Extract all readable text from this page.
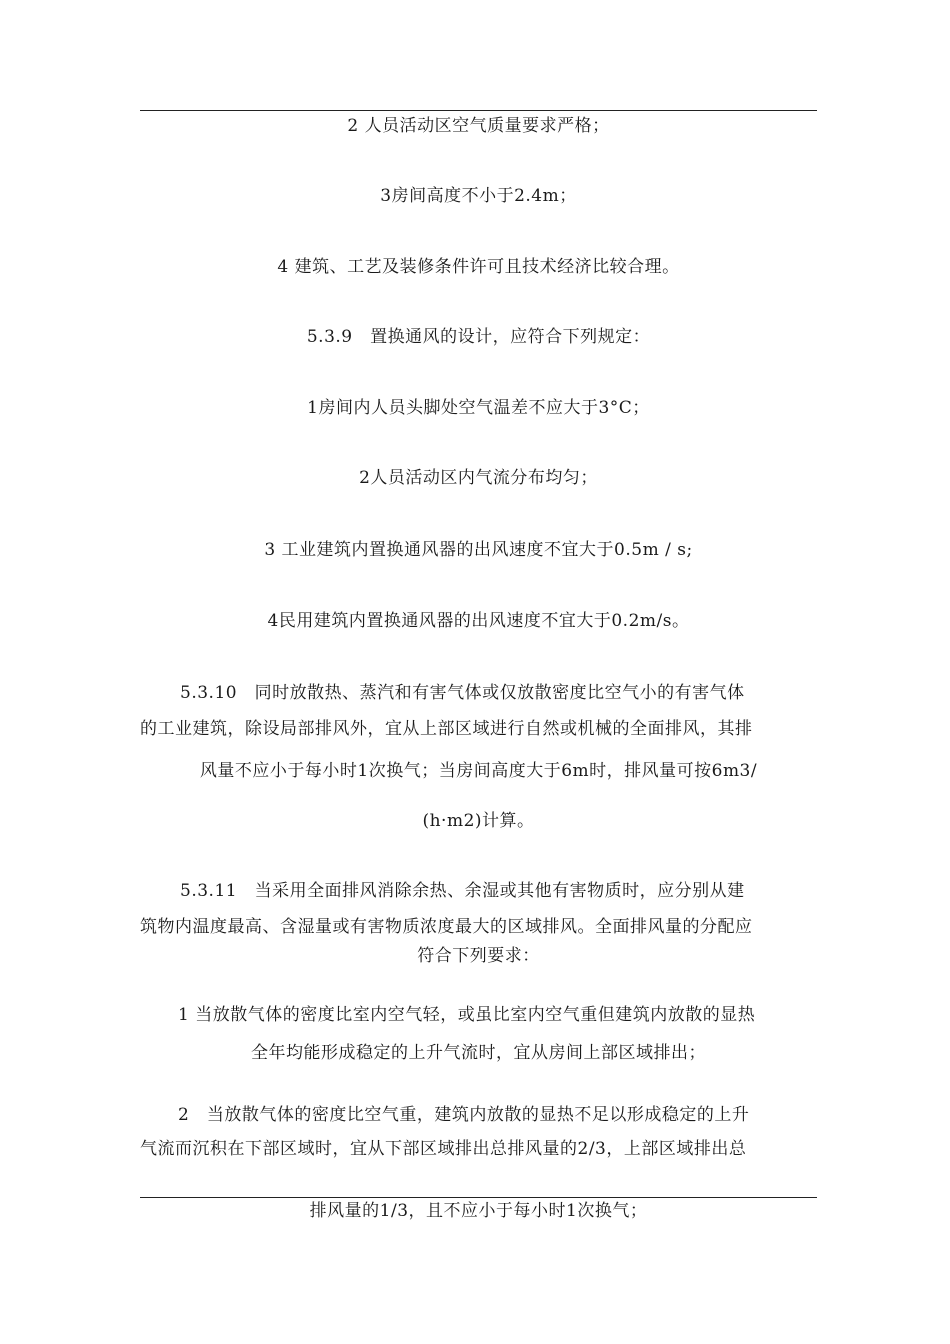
2 人员活动区空气质量要求严格；
3房间高度不小于2.4m；
4 建筑、工艺及装修条件许可且技术经济比较合理。
5.3.9　置换通风的设计，应符合下列规定：
1房间内人员头脚处空气温差不应大于3°C；
2人员活动区内气流分布均匀；
3 工业建筑内置换通风器的出风速度不宜大于0.5m / s;
4民用建筑内置换通风器的出风速度不宜大于0.2m/s。
5.3.10　同时放散热、蒸汽和有害气体或仅放散密度比空气小的有害气体
的工业建筑，除设局部排风外，宜从上部区域进行自然或机械的全面排风，其排
风量不应小于每小时1次换气；当房间高度大于6m时，排风量可按6m3/
(h·m2)计算。
5.3.11　当采用全面排风消除余热、余湿或其他有害物质时，应分别从建
筑物内温度最高、含湿量或有害物质浓度最大的区域排风。全面排风量的分配应
符合下列要求：
1 当放散气体的密度比室内空气轻，或虽比室内空气重但建筑内放散的显热
全年均能形成稳定的上升气流时，宜从房间上部区域排出；
2　当放散气体的密度比空气重，建筑内放散的显热不足以形成稳定的上升
气流而沉积在下部区域时，宜从下部区域排出总排风量的2/3，上部区域排出总
排风量的1/3，且不应小于每小时1次换气；
